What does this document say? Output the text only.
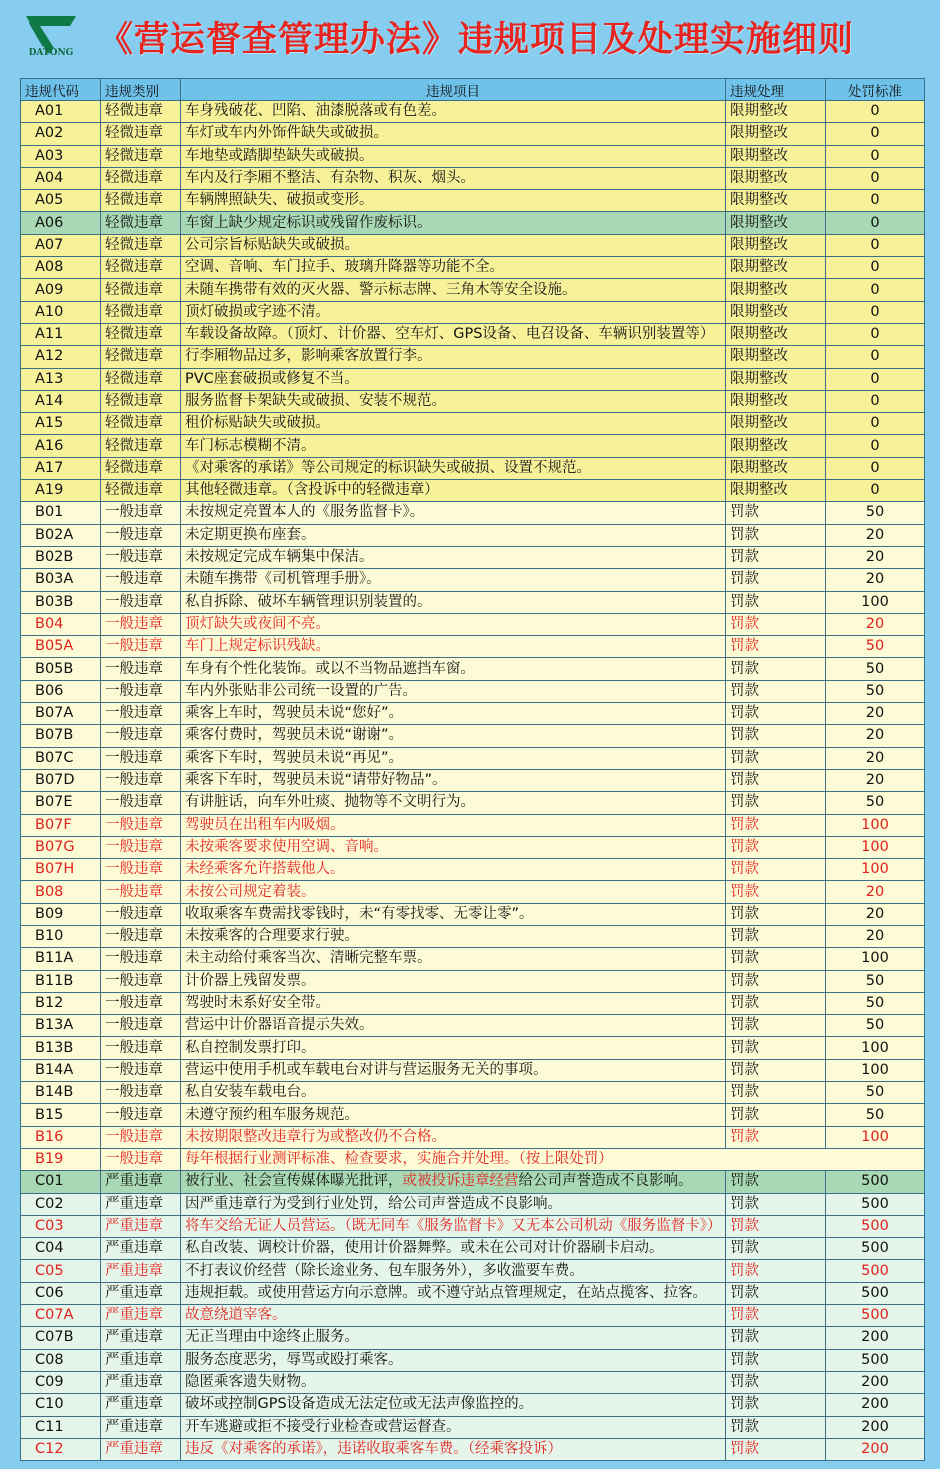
DATONG 《营运督查管理办法》违规项目及处理实施细则
违规代码	违规类别	违规项目	违规处理	处罚标准
A01	轻微违章	车身残破花、凹陷、油漆脱落或有色差。	限期整改	0
A02	轻微违章	车灯或车内外饰件缺失或破损。	限期整改	0
A03	轻微违章	车地垫或踏脚垫缺失或破损。	限期整改	0
A04	轻微违章	车内及行李厢不整洁、有杂物、积灰、烟头。	限期整改	0
A05	轻微违章	车辆牌照缺失、破损或变形。	限期整改	0
A06	轻微违章	车窗上缺少规定标识或残留作废标识。	限期整改	0
A07	轻微违章	公司宗旨标贴缺失或破损。	限期整改	0
A08	轻微违章	空调、音响、车门拉手、玻璃升降器等功能不全。	限期整改	0
A09	轻微违章	未随车携带有效的灭火器、警示标志牌、三角木等安全设施。	限期整改	0
A10	轻微违章	顶灯破损或字迹不清。	限期整改	0
A11	轻微违章	车载设备故障。（顶灯、计价器、空车灯、GPS设备、电召设备、车辆识别装置等）	限期整改	0
A12	轻微违章	行李厢物品过多，影响乘客放置行李。	限期整改	0
A13	轻微违章	PVC座套破损或修复不当。	限期整改	0
A14	轻微违章	服务监督卡架缺失或破损、安装不规范。	限期整改	0
A15	轻微违章	租价标贴缺失或破损。	限期整改	0
A16	轻微违章	车门标志模糊不清。	限期整改	0
A17	轻微违章	《对乘客的承诺》等公司规定的标识缺失或破损、设置不规范。	限期整改	0
A19	轻微违章	其他轻微违章。（含投诉中的轻微违章）	限期整改	0
B01	一般违章	未按规定亮置本人的《服务监督卡》。	罚款	50
B02A	一般违章	未定期更换布座套。	罚款	20
B02B	一般违章	未按规定完成车辆集中保洁。	罚款	20
B03A	一般违章	未随车携带《司机管理手册》。	罚款	20
B03B	一般违章	私自拆除、破坏车辆管理识别装置的。	罚款	100
B04	一般违章	顶灯缺失或夜间不亮。	罚款	20
B05A	一般违章	车门上规定标识残缺。	罚款	50
B05B	一般违章	车身有个性化装饰。或以不当物品遮挡车窗。	罚款	50
B06	一般违章	车内外张贴非公司统一设置的广告。	罚款	50
B07A	一般违章	乘客上车时，驾驶员未说“您好”。	罚款	20
B07B	一般违章	乘客付费时，驾驶员未说“谢谢”。	罚款	20
B07C	一般违章	乘客下车时，驾驶员未说“再见”。	罚款	20
B07D	一般违章	乘客下车时，驾驶员未说“请带好物品”。	罚款	20
B07E	一般违章	有讲脏话，向车外吐痰、抛物等不文明行为。	罚款	50
B07F	一般违章	驾驶员在出租车内吸烟。	罚款	100
B07G	一般违章	未按乘客要求使用空调、音响。	罚款	100
B07H	一般违章	未经乘客允许搭载他人。	罚款	100
B08	一般违章	未按公司规定着装。	罚款	20
B09	一般违章	收取乘客车费需找零钱时，未“有零找零、无零让零”。	罚款	20
B10	一般违章	未按乘客的合理要求行驶。	罚款	20
B11A	一般违章	未主动给付乘客当次、清晰完整车票。	罚款	100
B11B	一般违章	计价器上残留发票。	罚款	50
B12	一般违章	驾驶时未系好安全带。	罚款	50
B13A	一般违章	营运中计价器语音提示失效。	罚款	50
B13B	一般违章	私自控制发票打印。	罚款	100
B14A	一般违章	营运中使用手机或车载电台对讲与营运服务无关的事项。	罚款	100
B14B	一般违章	私自安装车载电台。	罚款	50
B15	一般违章	未遵守预约租车服务规范。	罚款	50
B16	一般违章	未按期限整改违章行为或整改仍不合格。	罚款	100
B19	一般违章	每年根据行业测评标准、检查要求，实施合并处理。（按上限处罚）		
C01	严重违章	被行业、社会宣传媒体曝光批评，或被投诉违章经营给公司声誉造成不良影响。	罚款	500
C02	严重违章	因严重违章行为受到行业处罚，给公司声誉造成不良影响。	罚款	500
C03	严重违章	将车交给无证人员营运。（既无同车《服务监督卡》又无本公司机动《服务监督卡》）	罚款	500
C04	严重违章	私自改装、调校计价器，使用计价器舞弊。或未在公司对计价器刷卡启动。	罚款	500
C05	严重违章	不打表议价经营（除长途业务、包车服务外），多收滥要车费。	罚款	500
C06	严重违章	违规拒载。或使用营运方向示意牌。或不遵守站点管理规定，在站点揽客、拉客。	罚款	500
C07A	严重违章	故意绕道宰客。	罚款	500
C07B	严重违章	无正当理由中途终止服务。	罚款	200
C08	严重违章	服务态度恶劣，辱骂或殴打乘客。	罚款	500
C09	严重违章	隐匿乘客遗失财物。	罚款	200
C10	严重违章	破坏或控制GPS设备造成无法定位或无法声像监控的。	罚款	200
C11	严重违章	开车逃避或拒不接受行业检查或营运督查。	罚款	200
C12	严重违章	违反《对乘客的承诺》，违诺收取乘客车费。（经乘客投诉）	罚款	200
